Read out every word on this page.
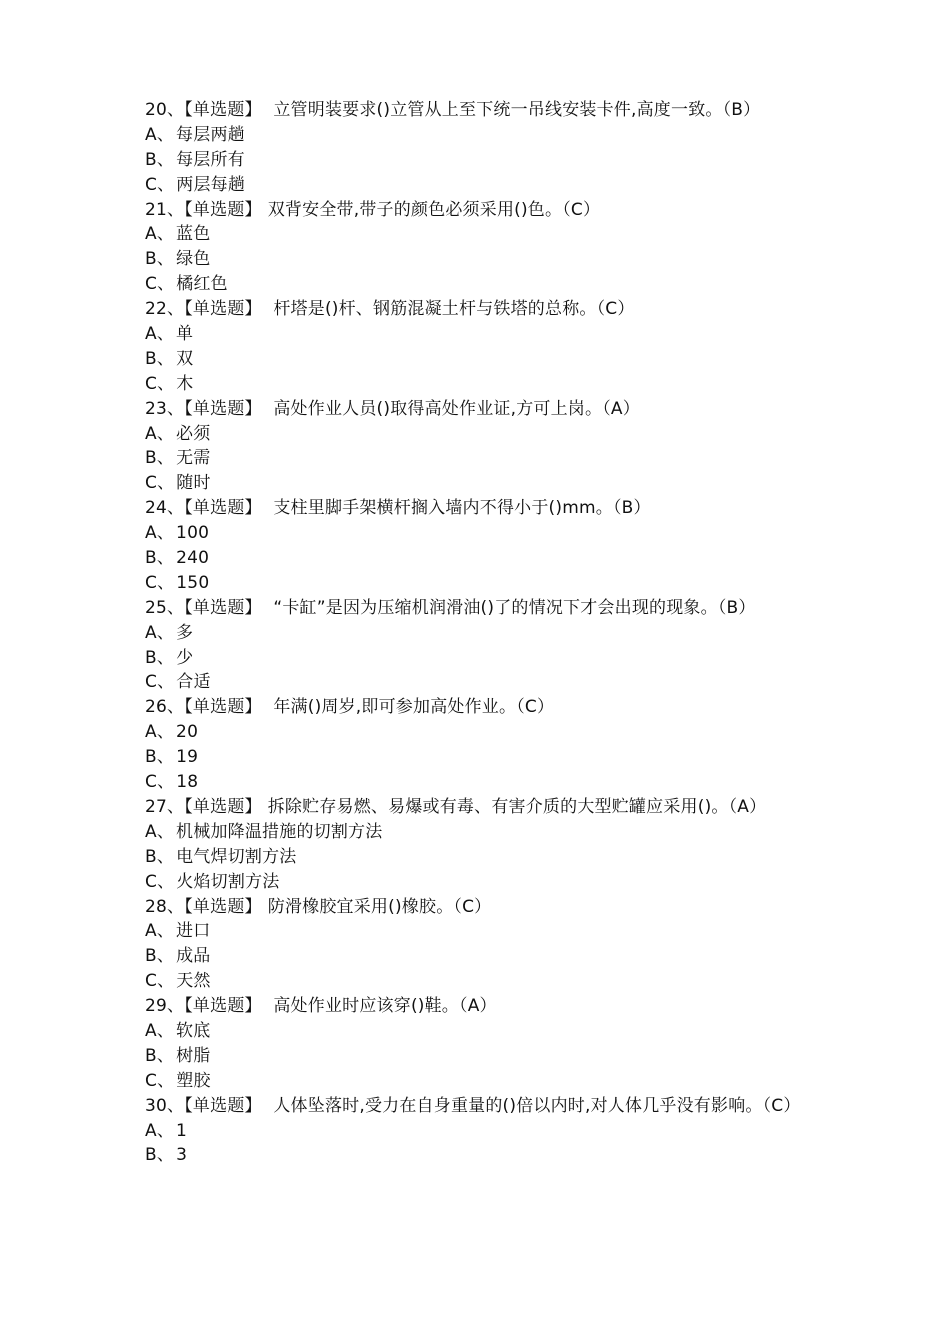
20、【单选题】 立管明装要求()立管从上至下统一吊线安装卡件,高度一致。（B）
A、 每层两趟
B、 每层所有
C、 两层每趟
21、【单选题】 双背安全带,带子的颜色必须采用()色。（C）
A、 蓝色
B、 绿色
C、 橘红色
22、【单选题】 杆塔是()杆、钢筋混凝土杆与铁塔的总称。（C）
A、 单
B、 双
C、 木
23、【单选题】 高处作业人员()取得高处作业证,方可上岗。（A）
A、 必须
B、 无需
C、 随时
24、【单选题】 支柱里脚手架横杆搁入墙内不得小于()mm。（B）
A、 100
B、 240
C、 150
25、【单选题】 “卡缸”是因为压缩机润滑油()了的情况下才会出现的现象。（B）
A、 多
B、 少
C、 合适
26、【单选题】 年满()周岁,即可参加高处作业。（C）
A、 20
B、 19
C、 18
27、【单选题】 拆除贮存易燃、易爆或有毒、有害介质的大型贮罐应采用()。（A）
A、 机械加降温措施的切割方法
B、 电气焊切割方法
C、 火焰切割方法
28、【单选题】 防滑橡胶宜采用()橡胶。（C）
A、 进口
B、 成品
C、 天然
29、【单选题】 高处作业时应该穿()鞋。（A）
A、 软底
B、 树脂
C、 塑胶
30、【单选题】 人体坠落时,受力在自身重量的()倍以内时,对人体几乎没有影响。（C）
A、 1
B、 3
